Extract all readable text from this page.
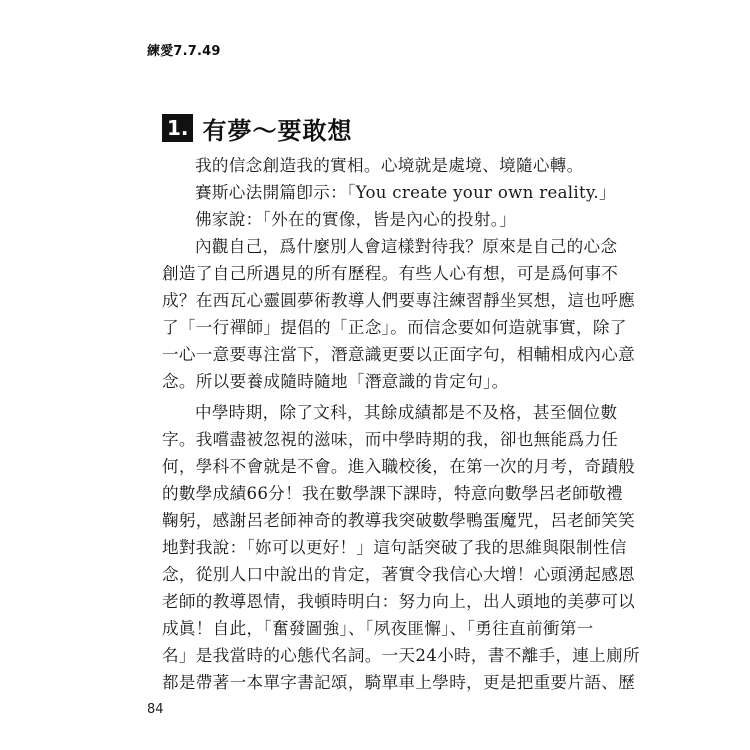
練愛7.7.49
1. 有夢～要敢想
我的信念創造我的實相。心境就是處境、境隨心轉。
賽斯心法開篇卽示：「You create your own reality.」
佛家說：「外在的實像，皆是內心的投射。」
內觀自己，爲什麼別人會這樣對待我？原來是自己的心念
創造了自己所遇見的所有歷程。有些人心有想，可是爲何事不
成？在西瓦心靈圓夢術教導人們要專注練習靜坐冥想，這也呼應
了「一行禪師」提倡的「正念」。而信念要如何造就事實，除了
一心一意要專注當下，潛意識更要以正面字句，相輔相成內心意
念。所以要養成隨時隨地「潛意識的肯定句」。
中學時期，除了文科，其餘成績都是不及格，甚至個位數
字。我嚐盡被忽視的滋味，而中學時期的我，卻也無能爲力任
何，學科不會就是不會。進入職校後，在第一次的月考，奇蹟般
的數學成績66分！我在數學課下課時，特意向數學呂老師敬禮
鞠躬，感謝呂老師神奇的教導我突破數學鴨蛋魔咒，呂老師笑笑
地對我說：「妳可以更好！」這句話突破了我的思維與限制性信
念，從別人口中說出的肯定，著實令我信心大增！心頭湧起感恩
老師的教導恩情，我頓時明白：努力向上，出人頭地的美夢可以
成眞！自此，「奮發圖強」、「夙夜匪懈」、「勇往直前衝第一
名」是我當時的心態代名詞。一天24小時，書不離手，連上廁所
都是帶著一本單字書記頌，騎單車上學時，更是把重要片語、歷
84
